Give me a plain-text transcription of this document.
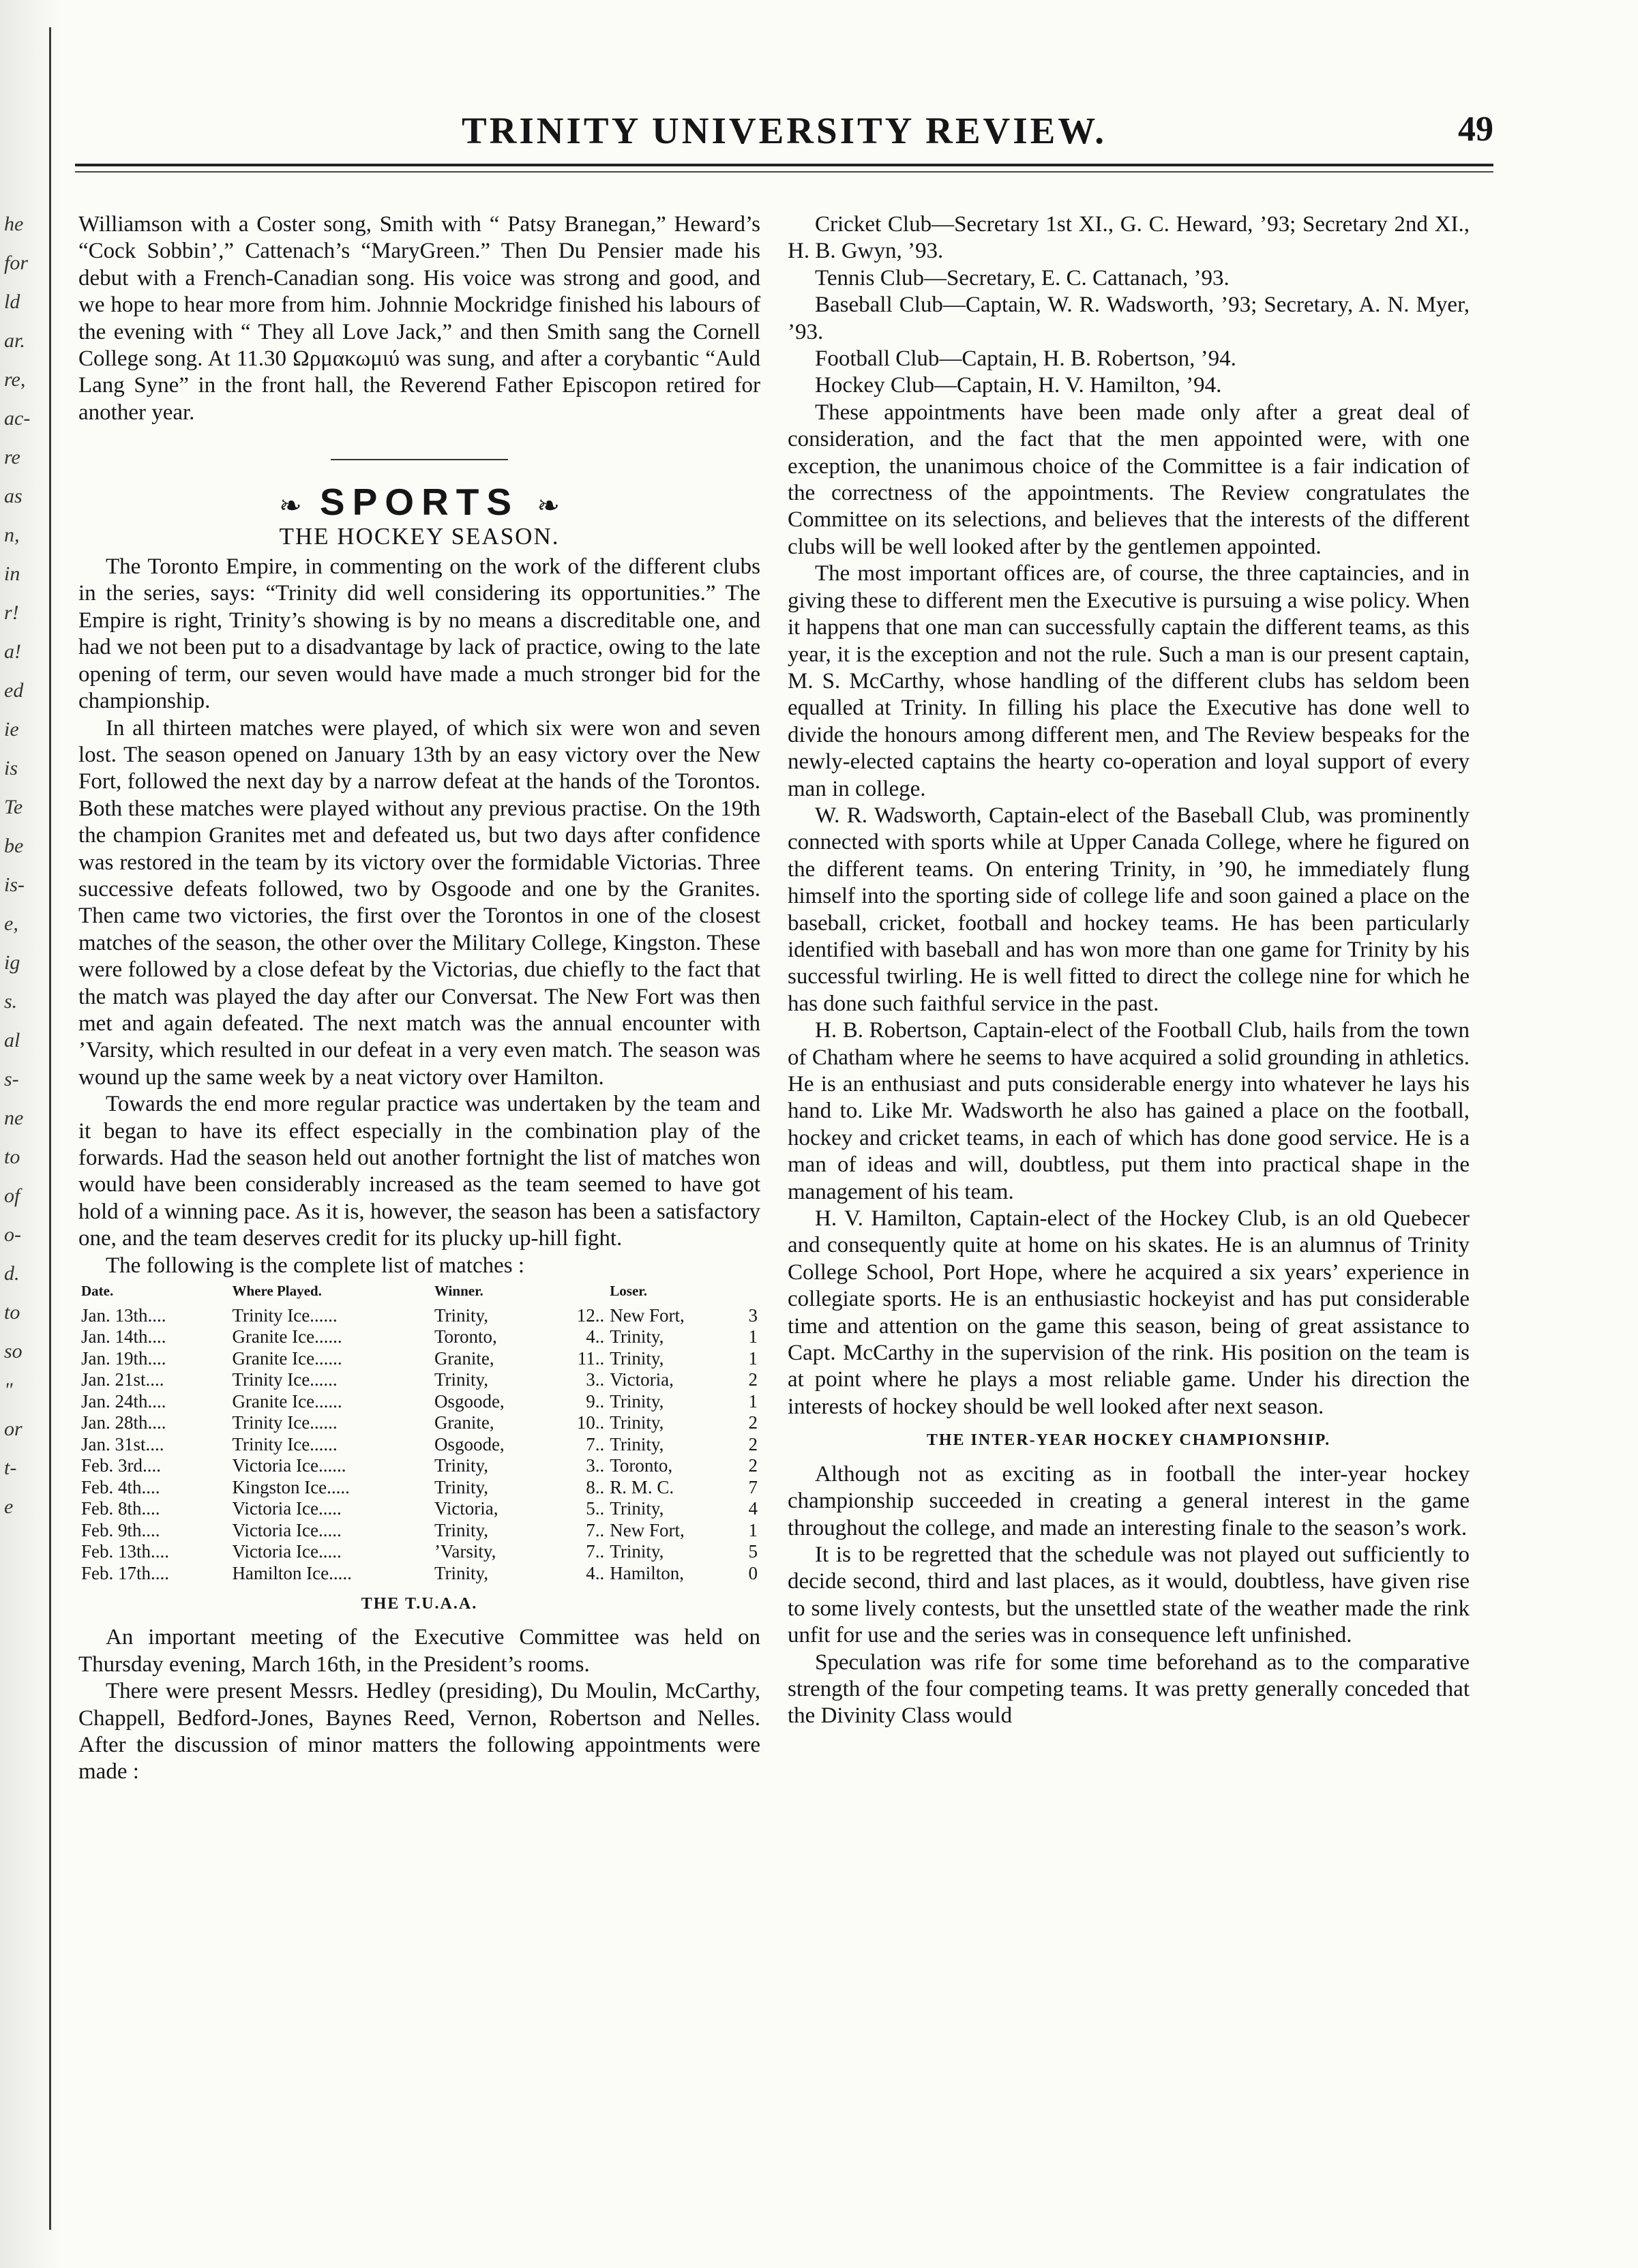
he
for
ld
ar.
re,
ac-
re
as
n,
in
r!
a!
ed
ie
is
Te
be
is-
e,
ig
s.
al
s-
ne
to
of
o-
d.
to
so
"
or
t-
e
TRINITY UNIVERSITY REVIEW.	49

Williamson with a Coster song, Smith with “ Patsy Branegan,” Heward’s “Cock Sobbin’,” Cattenach’s “MaryGreen.” Then Du Pensier made his debut with a French-Canadian song. His voice was strong and good, and we hope to hear more from him. Johnnie Mockridge finished his labours of the evening with “ They all Love Jack,” and then Smith sang the Cornell College song. At 11.30 Ωρμακωμιύ was sung, and after a corybantic “Auld Lang Syne” in the front hall, the Reverend Father Episcopon retired for another year.

❧ SPORTS ❧
THE HOCKEY SEASON.

The Toronto Empire, in commenting on the work of the different clubs in the series, says: “Trinity did well considering its opportunities.” The Empire is right, Trinity’s showing is by no means a discreditable one, and had we not been put to a disadvantage by lack of practice, owing to the late opening of term, our seven would have made a much stronger bid for the championship.

In all thirteen matches were played, of which six were won and seven lost. The season opened on January 13th by an easy victory over the New Fort, followed the next day by a narrow defeat at the hands of the Torontos. Both these matches were played without any previous practise. On the 19th the champion Granites met and defeated us, but two days after confidence was restored in the team by its victory over the formidable Victorias. Three successive defeats followed, two by Osgoode and one by the Granites. Then came two victories, the first over the Torontos in one of the closest matches of the season, the other over the Military College, Kingston. These were followed by a close defeat by the Victorias, due chiefly to the fact that the match was played the day after our Conversat. The New Fort was then met and again defeated. The next match was the annual encounter with ’Varsity, which resulted in our defeat in a very even match. The season was wound up the same week by a neat victory over Hamilton.

Towards the end more regular practice was undertaken by the team and it began to have its effect especially in the combination play of the forwards. Had the season held out another fortnight the list of matches won would have been considerably increased as the team seemed to have got hold of a winning pace. As it is, however, the season has been a satisfactory one, and the team deserves credit for its plucky up-hill fight.

The following is the complete list of matches :

Date.	Where Played.	Winner.		Loser.	
Jan. 13th....	Trinity Ice......	Trinity,	12..	New Fort,	3
Jan. 14th....	Granite Ice......	Toronto,	4..	Trinity,	1
Jan. 19th....	Granite Ice......	Granite,	11..	Trinity,	1
Jan. 21st....	Trinity Ice......	Trinity,	3..	Victoria,	2
Jan. 24th....	Granite Ice......	Osgoode,	9..	Trinity,	1
Jan. 28th....	Trinity Ice......	Granite,	10..	Trinity,	2
Jan. 31st....	Trinity Ice......	Osgoode,	7..	Trinity,	2
Feb. 3rd....	Victoria Ice......	Trinity,	3..	Toronto,	2
Feb. 4th....	Kingston Ice.....	Trinity,	8..	R. M. C.	7
Feb. 8th....	Victoria Ice.....	Victoria,	5..	Trinity,	4
Feb. 9th....	Victoria Ice.....	Trinity,	7..	New Fort,	1
Feb. 13th....	Victoria Ice.....	’Varsity,	7..	Trinity,	5
Feb. 17th....	Hamilton Ice.....	Trinity,	4..	Hamilton,	0
THE T.U.A.A.

An important meeting of the Executive Committee was held on Thursday evening, March 16th, in the President’s rooms.

There were present Messrs. Hedley (presiding), Du Moulin, McCarthy, Chappell, Bedford-Jones, Baynes Reed, Vernon, Robertson and Nelles. After the discussion of minor matters the following appointments were made :

Cricket Club—Secretary 1st XI., G. C. Heward, ’93; Secretary 2nd XI., H. B. Gwyn, ’93.

Tennis Club—Secretary, E. C. Cattanach, ’93.

Baseball Club—Captain, W. R. Wadsworth, ’93; Secretary, A. N. Myer, ’93.

Football Club—Captain, H. B. Robertson, ’94.

Hockey Club—Captain, H. V. Hamilton, ’94.

These appointments have been made only after a great deal of consideration, and the fact that the men appointed were, with one exception, the unanimous choice of the Committee is a fair indication of the correctness of the appointments. The Review congratulates the Committee on its selections, and believes that the interests of the different clubs will be well looked after by the gentlemen appointed.

The most important offices are, of course, the three captaincies, and in giving these to different men the Executive is pursuing a wise policy. When it happens that one man can successfully captain the different teams, as this year, it is the exception and not the rule. Such a man is our present captain, M. S. McCarthy, whose handling of the different clubs has seldom been equalled at Trinity. In filling his place the Executive has done well to divide the honours among different men, and The Review bespeaks for the newly-elected captains the hearty co-operation and loyal support of every man in college.

W. R. Wadsworth, Captain-elect of the Baseball Club, was prominently connected with sports while at Upper Canada College, where he figured on the different teams. On entering Trinity, in ’90, he immediately flung himself into the sporting side of college life and soon gained a place on the baseball, cricket, football and hockey teams. He has been particularly identified with baseball and has won more than one game for Trinity by his successful twirling. He is well fitted to direct the college nine for which he has done such faithful service in the past.

H. B. Robertson, Captain-elect of the Football Club, hails from the town of Chatham where he seems to have acquired a solid grounding in athletics. He is an enthusiast and puts considerable energy into whatever he lays his hand to. Like Mr. Wadsworth he also has gained a place on the football, hockey and cricket teams, in each of which has done good service. He is a man of ideas and will, doubtless, put them into practical shape in the management of his team.

H. V. Hamilton, Captain-elect of the Hockey Club, is an old Quebecer and consequently quite at home on his skates. He is an alumnus of Trinity College School, Port Hope, where he acquired a six years’ experience in collegiate sports. He is an enthusiastic hockeyist and has put considerable time and attention on the game this season, being of great assistance to Capt. McCarthy in the supervision of the rink. His position on the team is at point where he plays a most reliable game. Under his direction the interests of hockey should be well looked after next season.

THE INTER-YEAR HOCKEY CHAMPIONSHIP.

Although not as exciting as in football the inter-year hockey championship succeeded in creating a general interest in the game throughout the college, and made an interesting finale to the season’s work.

It is to be regretted that the schedule was not played out sufficiently to decide second, third and last places, as it would, doubtless, have given rise to some lively contests, but the unsettled state of the weather made the rink unfit for use and the series was in consequence left unfinished.

Speculation was rife for some time beforehand as to the comparative strength of the four competing teams. It was pretty generally conceded that the Divinity Class would
